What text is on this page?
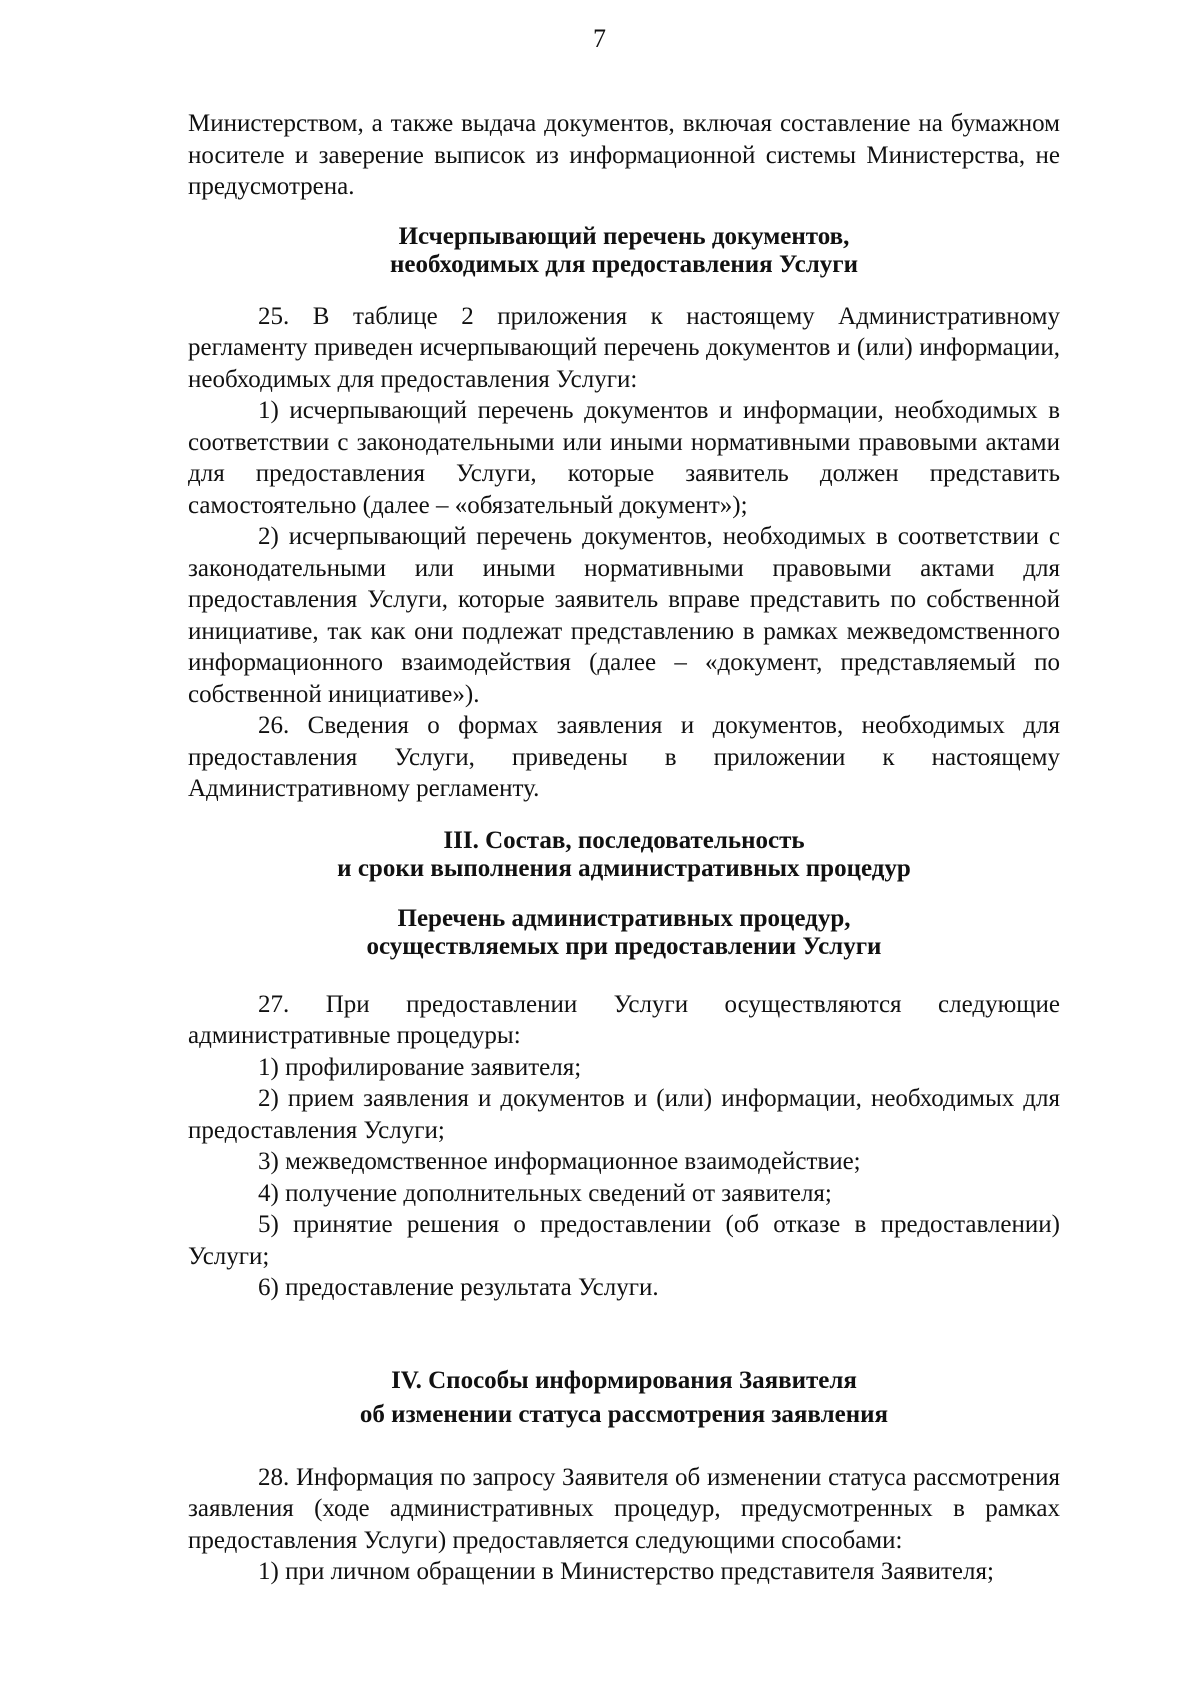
7

Министерством, а также выдача документов, включая составление на бумажном носителе и заверение выписок из информационной системы Министерства, не предусмотрена.

Исчерпывающий перечень документов,
необходимых для предоставления Услуги

25. В таблице 2 приложения к настоящему Административному регламенту приведен исчерпывающий перечень документов и (или) информации, необходимых для предоставления Услуги:

1) исчерпывающий перечень документов и информации, необходимых в соответствии с законодательными или иными нормативными правовыми актами для предоставления Услуги, которые заявитель должен представить самостоятельно (далее – «обязательный документ»);

2) исчерпывающий перечень документов, необходимых в соответствии с законодательными или иными нормативными правовыми актами для предоставления Услуги, которые заявитель вправе представить по собственной инициативе, так как они подлежат представлению в рамках межведомственного информационного взаимодействия (далее – «документ, представляемый по собственной инициативе»).

26. Сведения о формах заявления и документов, необходимых для предоставления Услуги, приведены в приложении к настоящему Административному регламенту.

III. Состав, последовательность
и сроки выполнения административных процедур
Перечень административных процедур,
осуществляемых при предоставлении Услуги

27. При предоставлении Услуги осуществляются следующие административные процедуры:

1) профилирование заявителя;

2) прием заявления и документов и (или) информации, необходимых для предоставления Услуги;

3) межведомственное информационное взаимодействие;

4) получение дополнительных сведений от заявителя;

5) принятие решения о предоставлении (об отказе в предоставлении) Услуги;

6) предоставление результата Услуги.

IV. Способы информирования Заявителя
об изменении статуса рассмотрения заявления

28. Информация по запросу Заявителя об изменении статуса рассмотрения заявления (ходе административных процедур, предусмотренных в рамках предоставления Услуги) предоставляется следующими способами:

1) при личном обращении в Министерство представителя Заявителя;
